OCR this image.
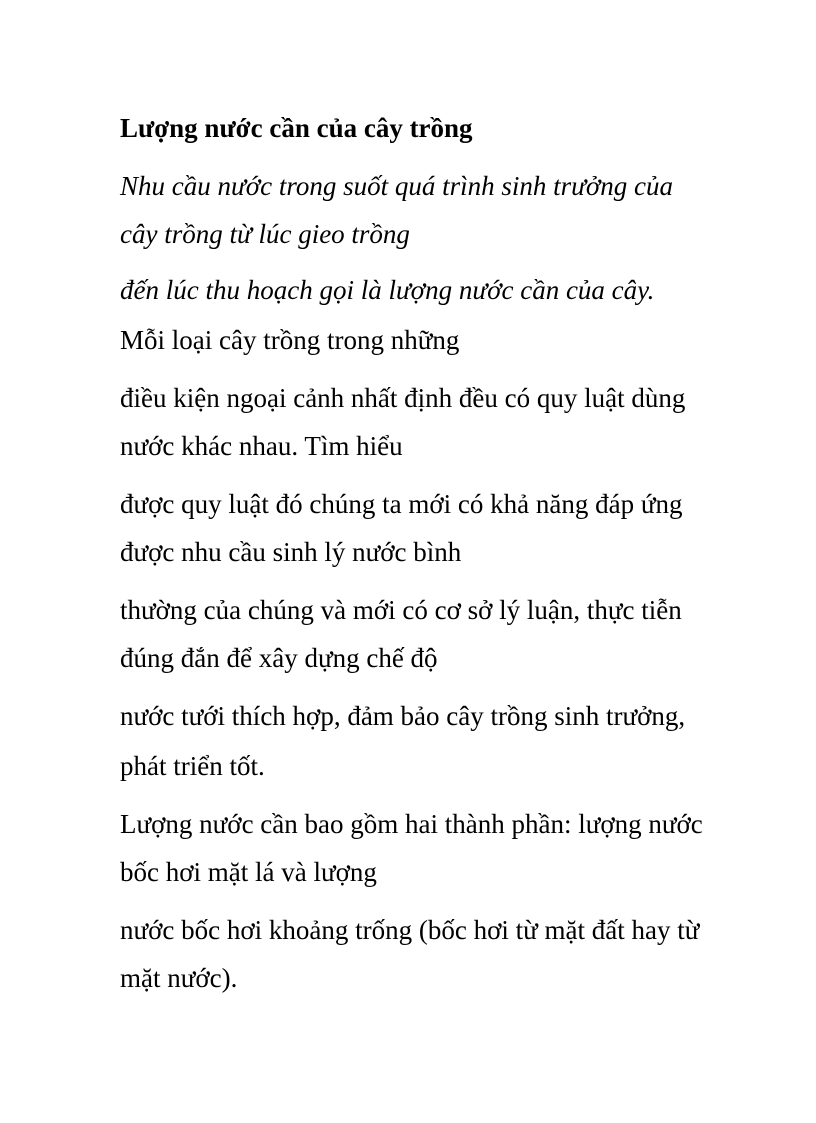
Lượng nước cần của cây trồng
Nhu cầu nước trong suốt quá trình sinh trưởng của
cây trồng từ lúc gieo trồng
đến lúc thu hoạch gọi là lượng nước cần của cây.
Mỗi loại cây trồng trong những
điều kiện ngoại cảnh nhất định đều có quy luật dùng
nước khác nhau. Tìm hiểu
được quy luật đó chúng ta mới có khả năng đáp ứng
được nhu cầu sinh lý nước bình
thường của chúng và mới có cơ sở lý luận, thực tiễn
đúng đắn để xây dựng chế độ
nước tưới thích hợp, đảm bảo cây trồng sinh trưởng,
phát triển tốt.
Lượng nước cần bao gồm hai thành phần: lượng nước
bốc hơi mặt lá và lượng
nước bốc hơi khoảng trống (bốc hơi từ mặt đất hay từ
mặt nước).
